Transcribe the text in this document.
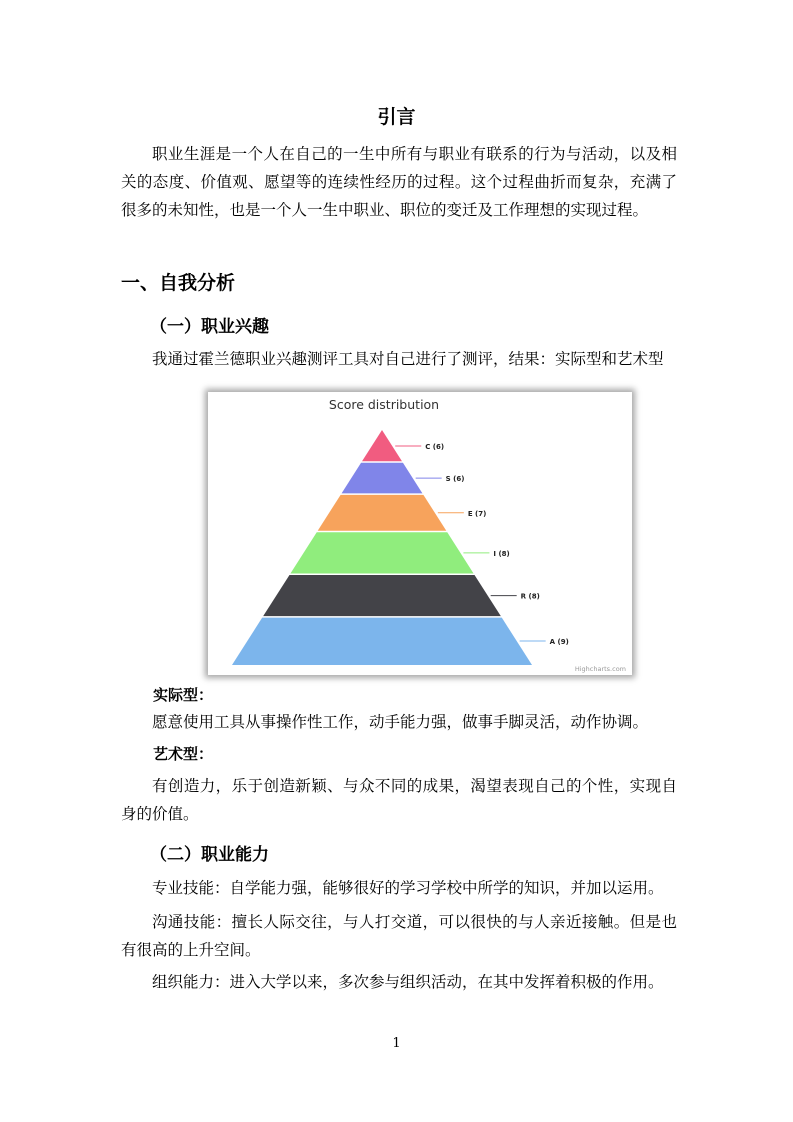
引言
职业生涯是一个人在自己的一生中所有与职业有联系的行为与活动，以及相关的态度、价值观、愿望等的连续性经历的过程。这个过程曲折而复杂，充满了很多的未知性，也是一个人一生中职业、职位的变迁及工作理想的实现过程。
一、自我分析
（一）职业兴趣
我通过霍兰德职业兴趣测评工具对自己进行了测评，结果：实际型和艺术型
Score distribution
C (6)
S (6)
E (7)
I (8)
R (8)
A (9)
Highcharts.com
实际型：
愿意使用工具从事操作性工作，动手能力强，做事手脚灵活，动作协调。
艺术型：
有创造力，乐于创造新颖、与众不同的成果，渴望表现自己的个性，实现自身的价值。
（二）职业能力
专业技能：自学能力强，能够很好的学习学校中所学的知识，并加以运用。
沟通技能：擅长人际交往，与人打交道，可以很快的与人亲近接触。但是也有很高的上升空间。
组织能力：进入大学以来，多次参与组织活动，在其中发挥着积极的作用。
1
